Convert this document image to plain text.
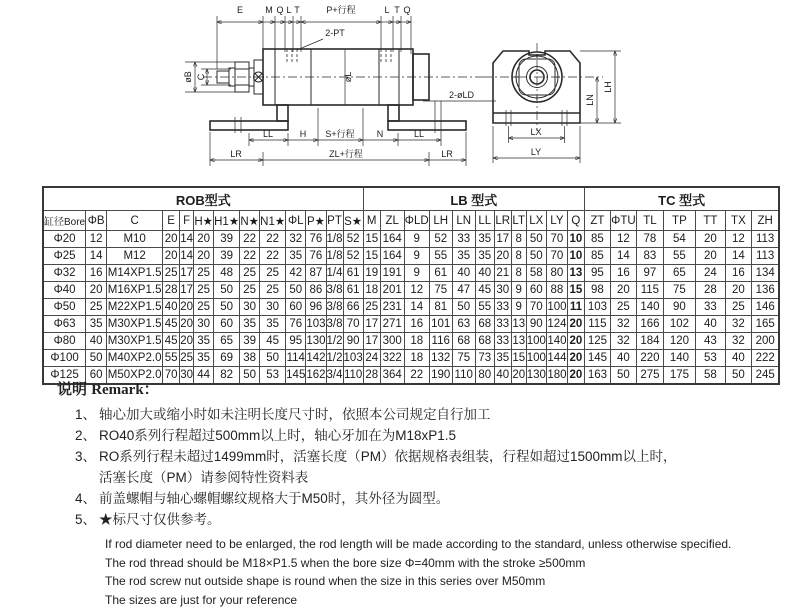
E M Q L T	P+行程	L T Q
2-PT
øB C	øL
2-øLD
LL	H S+行程 N	LL
LR	ZL+行程	LR
LN
LH
LX
LY
ROB型式													LB 型式											TC 型式						
缸径Bore	ΦB	C	E	F	H★	H1★	N★	N1★	ΦL	P★	PT	S★	M	ZL	ΦLD	LH	LN	LL	LR	LT	LX	LY	Q	ZT	ΦTU	TL	TP	TT	TX	ZH
Φ20	12	M10	20	14	20	39	22	22	32	76	1/8	52	15	164	9	52	33	35	17	8	50	70	10	85	12	78	54	20	12	113
Φ25	14	M12	20	14	20	39	22	22	35	76	1/8	52	15	164	9	55	35	35	20	8	50	70	10	85	14	83	55	20	14	113
Φ32	16	M14XP1.5	25	17	25	48	25	25	42	87	1/4	61	19	191	9	61	40	40	21	8	58	80	13	95	16	97	65	24	16	134
Φ40	20	M16XP1.5	28	17	25	50	25	25	50	86	3/8	61	18	201	12	75	47	45	30	9	60	88	15	98	20	115	75	28	20	136
Φ50	25	M22XP1.5	40	20	25	50	30	30	60	96	3/8	66	25	231	14	81	50	55	33	9	70	100	11	103	25	140	90	33	25	146
Φ63	35	M30XP1.5	45	20	30	60	35	35	76	103	3/8	70	17	271	16	101	63	68	33	13	90	124	20	115	32	166	102	40	32	165
Φ80	40	M30XP1.5	45	20	35	65	39	45	95	130	1/2	90	17	300	18	116	68	68	33	13	100	140	20	125	32	184	120	43	32	200
Φ100	50	M40XP2.0	55	25	35	69	38	50	114	142	1/2	103	24	322	18	132	75	73	35	15	100	144	20	145	40	220	140	53	40	222
Φ125	60	M50XP2.0	70	30	44	82	50	53	145	162	3/4	110	28	364	22	190	110	80	40	20	130	180	20	163	50	275	175	58	50	245
说明 Remark：
1、 轴心加大或缩小时如未注明长度尺寸时，依照本公司规定自行加工
2、 RO40系列行程超过500mm以上时，轴心牙加在为M18xP1.5
3、 RO系列行程未超过1499mm时，活塞长度（PM）依据规格表组装，行程如超过1500mm以上时，
活塞长度（PM）请参阅特性资料表
4、 前盖螺帽与轴心螺帽螺纹规格大于M50时，其外径为圆型。
5、 ★标尺寸仅供参考。
If rod diameter need to be enlarged, the rod length will be made according to the standard, unless otherwise specified.
The rod thread should be M18×P1.5 when the bore size Φ=40mm with the stroke ≥500mm
The rod screw nut outside shape is round when the size in this series over M50mm
The sizes are just for your reference
